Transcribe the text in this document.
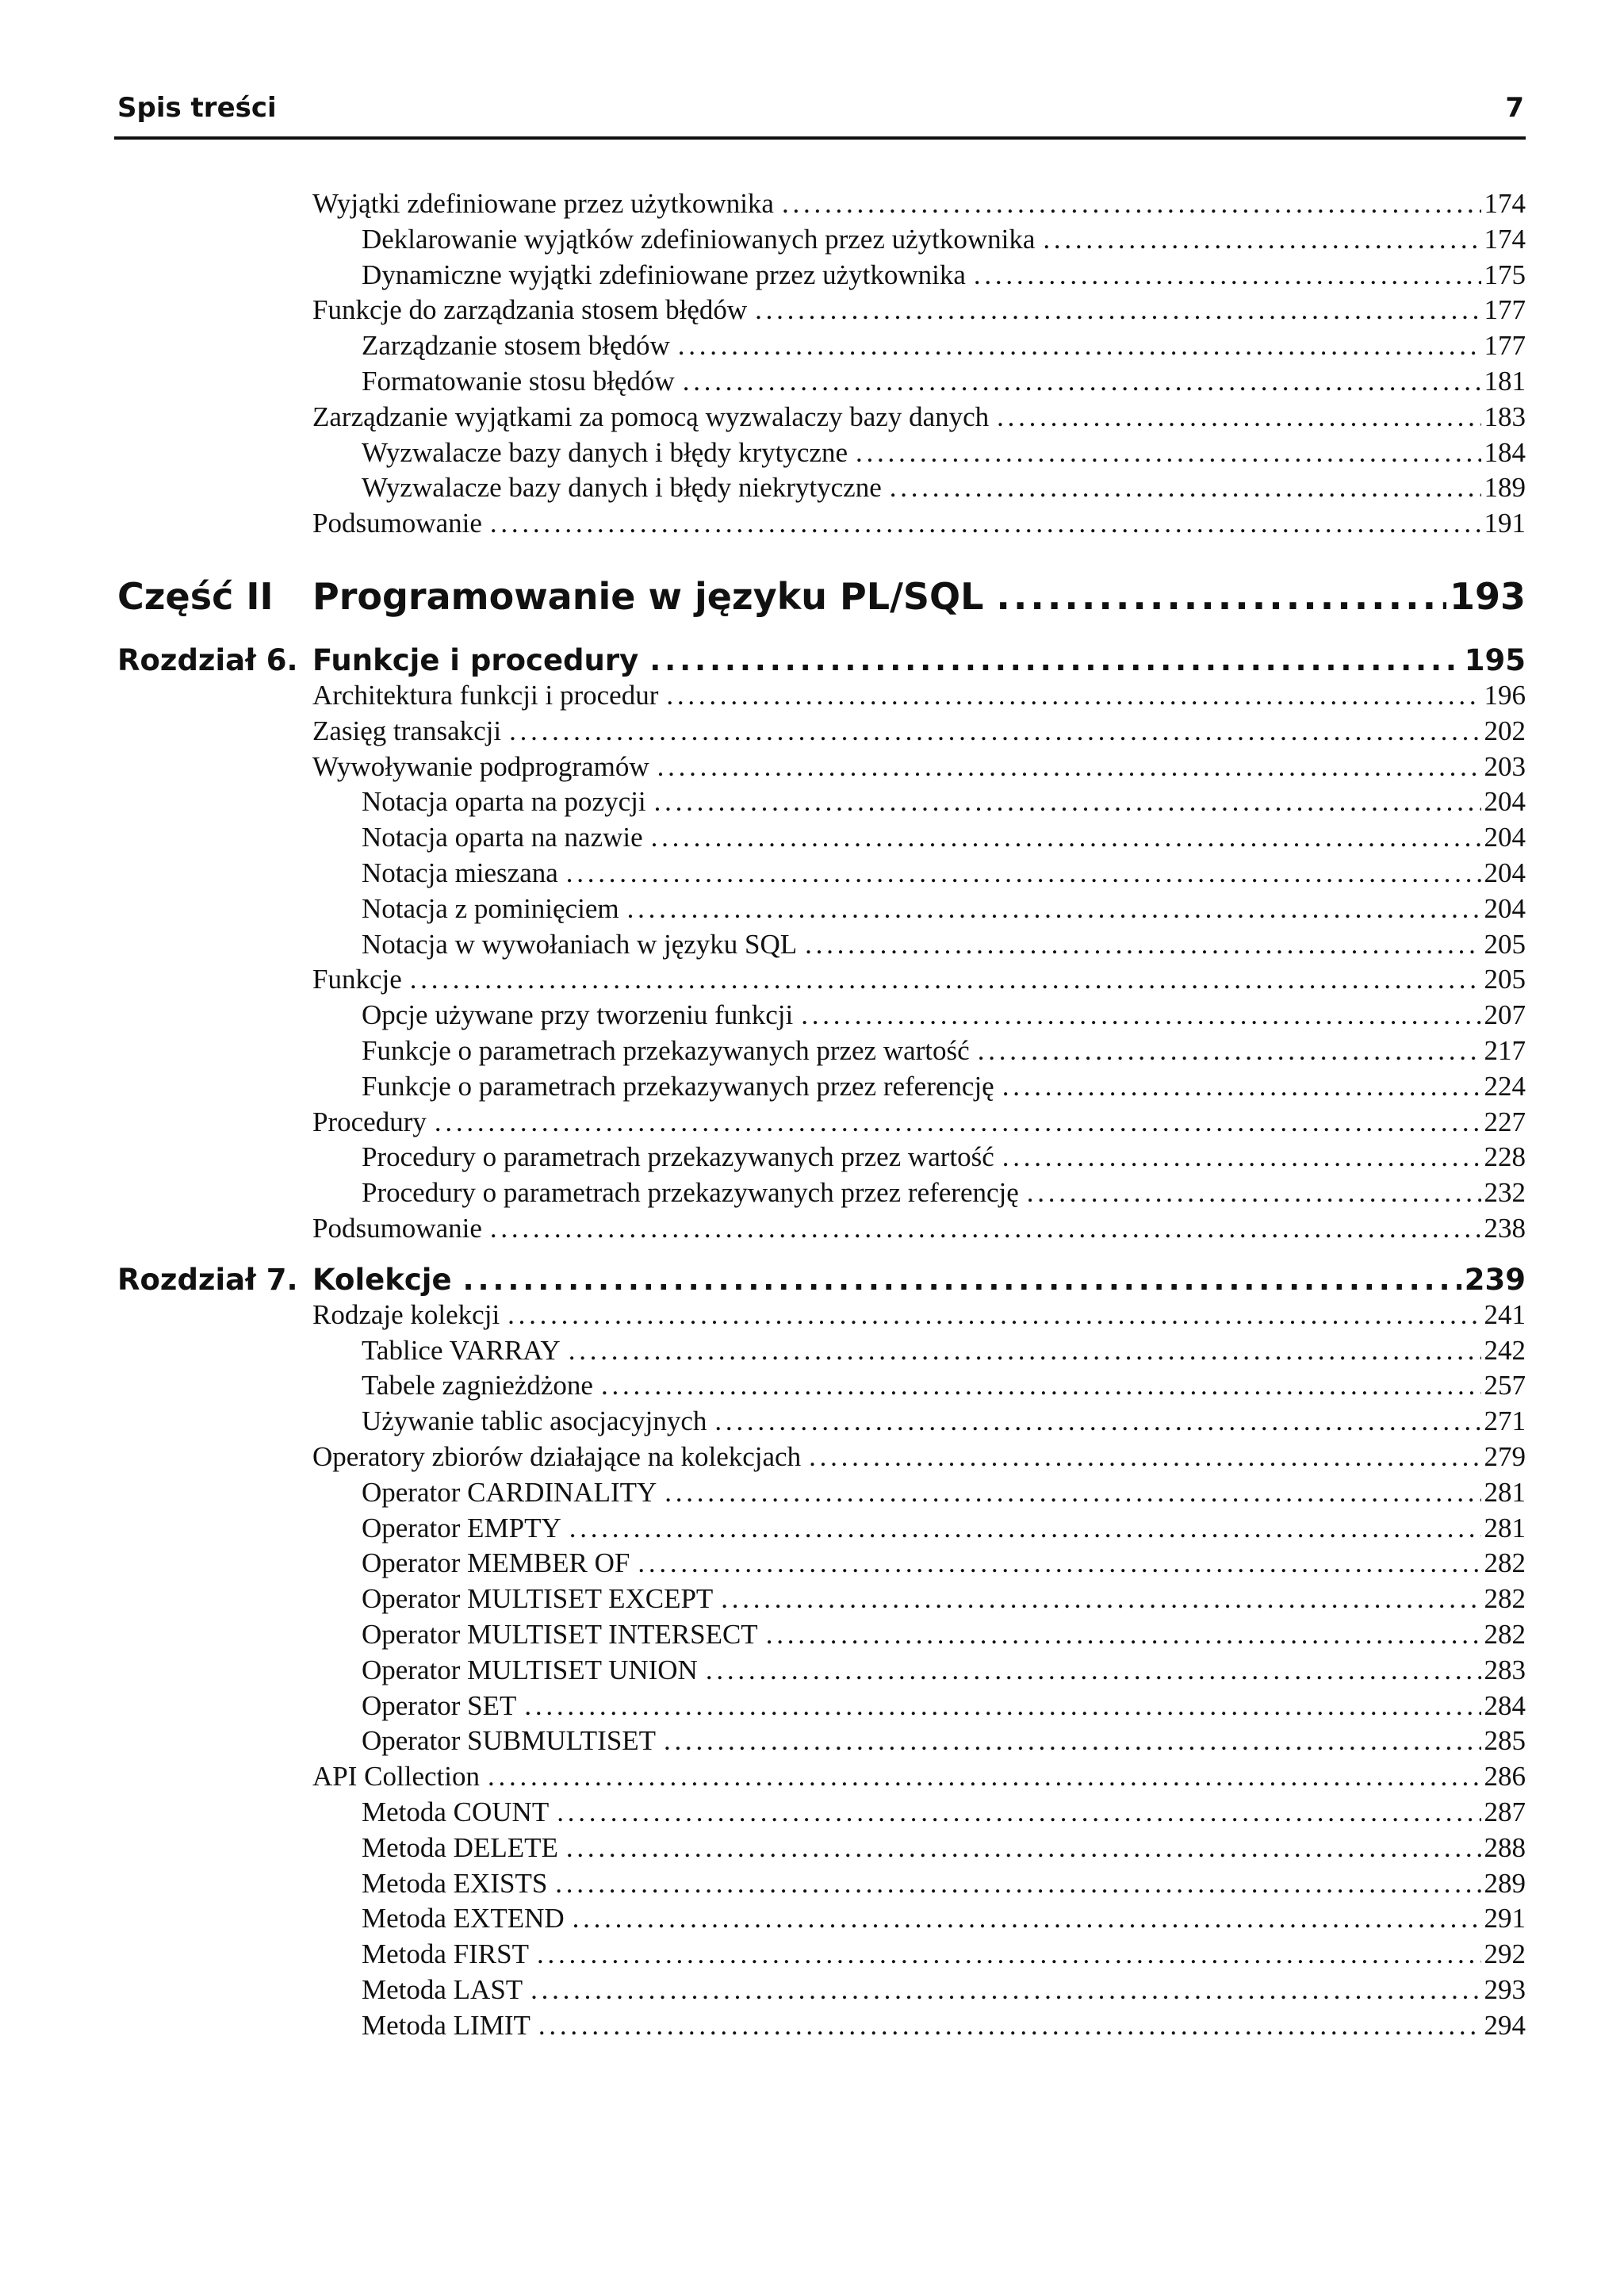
Spis treści	7
Wyjątki zdefiniowane przez użytkownika . . .	174
Deklarowanie wyjątków zdefiniowanych przez użytkownika . . .	174
Dynamiczne wyjątki zdefiniowane przez użytkownika . . .	175
Funkcje do zarządzania stosem błędów . . .	177
Zarządzanie stosem błędów . . .	177
Formatowanie stosu błędów . . .	181
Zarządzanie wyjątkami za pomocą wyzwalaczy bazy danych . . .	183
Wyzwalacze bazy danych i błędy krytyczne . . .	184
Wyzwalacze bazy danych i błędy niekrytyczne . . .	189
Podsumowanie . . .	191
Część II Programowanie w języku PL/SQL . . .	193
Rozdział 6. Funkcje i procedury . . .	195
Architektura funkcji i procedur . . .	196
Zasięg transakcji . . .	202
Wywoływanie podprogramów . . .	203
Notacja oparta na pozycji . . .	204
Notacja oparta na nazwie . . .	204
Notacja mieszana . . .	204
Notacja z pominięciem . . .	204
Notacja w wywołaniach w języku SQL . . .	205
Funkcje . . .	205
Opcje używane przy tworzeniu funkcji . . .	207
Funkcje o parametrach przekazywanych przez wartość . . .	217
Funkcje o parametrach przekazywanych przez referencję . . .	224
Procedury . . .	227
Procedury o parametrach przekazywanych przez wartość . . .	228
Procedury o parametrach przekazywanych przez referencję . . .	232
Podsumowanie . . .	238
Rozdział 7. Kolekcje . . .	239
Rodzaje kolekcji . . .	241
Tablice VARRAY . . .	242
Tabele zagnieżdżone . . .	257
Używanie tablic asocjacyjnych . . .	271
Operatory zbiorów działające na kolekcjach . . .	279
Operator CARDINALITY . . .	281
Operator EMPTY . . .	281
Operator MEMBER OF . . .	282
Operator MULTISET EXCEPT . . .	282
Operator MULTISET INTERSECT . . .	282
Operator MULTISET UNION . . .	283
Operator SET . . .	284
Operator SUBMULTISET . . .	285
API Collection . . .	286
Metoda COUNT . . .	287
Metoda DELETE . . .	288
Metoda EXISTS . . .	289
Metoda EXTEND . . .	291
Metoda FIRST . . .	292
Metoda LAST . . .	293
Metoda LIMIT . . .	294
